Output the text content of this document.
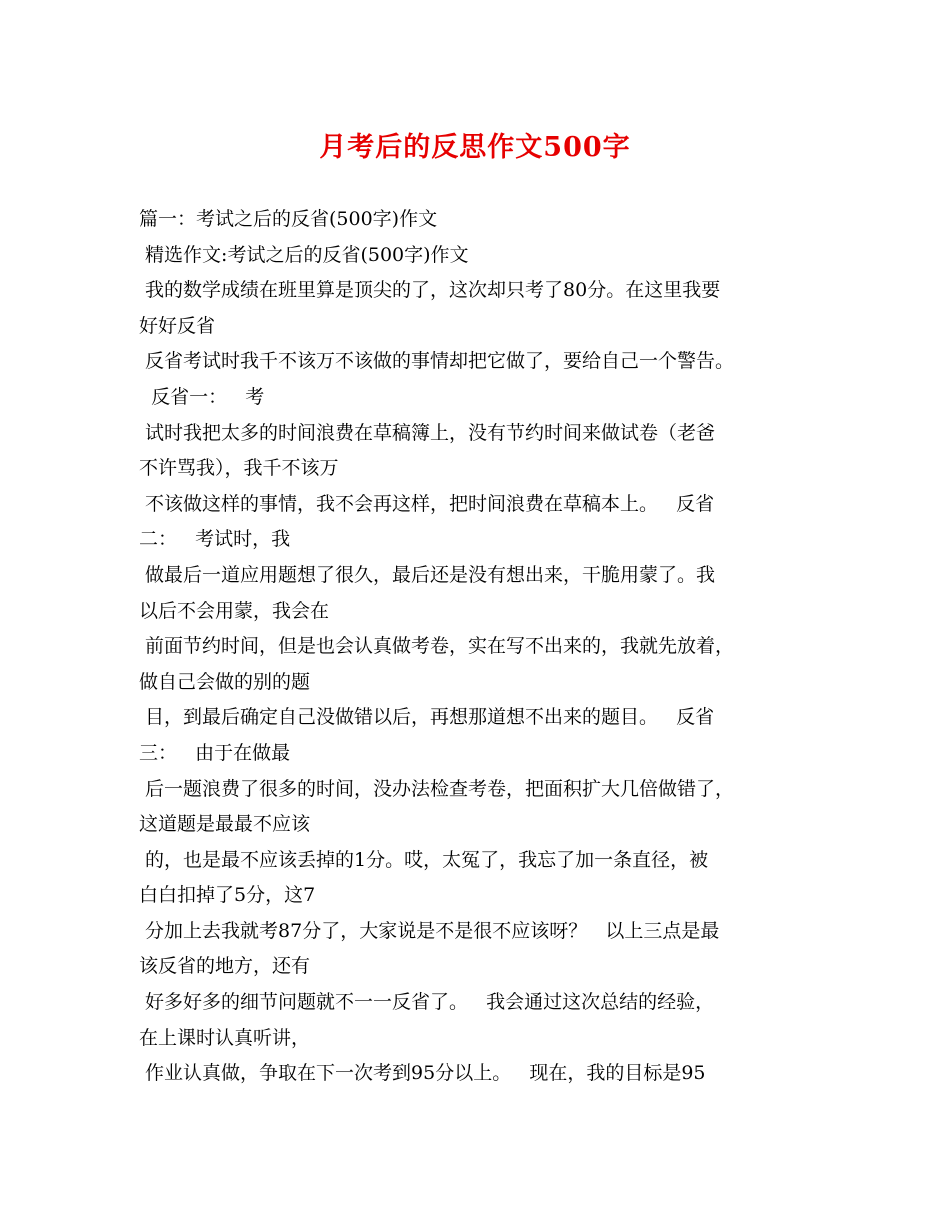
月考后的反思作文500字
篇一：考试之后的反省(500字)作文
精选作文:考试之后的反省(500字)作文
我的数学成绩在班里算是顶尖的了，这次却只考了80分。在这里我要
好好反省
反省考试时我千不该万不该做的事情却把它做了，要给自己一个警告。
反省一：   考
试时我把太多的时间浪费在草稿簿上，没有节约时间来做试卷（老爸
不许骂我），我千不该万
不该做这样的事情，我不会再这样，把时间浪费在草稿本上。   反省
二：   考试时，我
做最后一道应用题想了很久，最后还是没有想出来，干脆用蒙了。我
以后不会用蒙，我会在
前面节约时间，但是也会认真做考卷，实在写不出来的，我就先放着，
做自己会做的别的题
目，到最后确定自己没做错以后，再想那道想不出来的题目。   反省
三：   由于在做最
后一题浪费了很多的时间，没办法检查考卷，把面积扩大几倍做错了，
这道题是最最不应该
的，也是最不应该丢掉的1分。哎，太冤了，我忘了加一条直径，被
白白扣掉了5分，这7
分加上去我就考87分了，大家说是不是很不应该呀？   以上三点是最
该反省的地方，还有
好多好多的细节问题就不一一反省了。   我会通过这次总结的经验，
在上课时认真听讲，
作业认真做，争取在下一次考到95分以上。   现在，我的目标是95
